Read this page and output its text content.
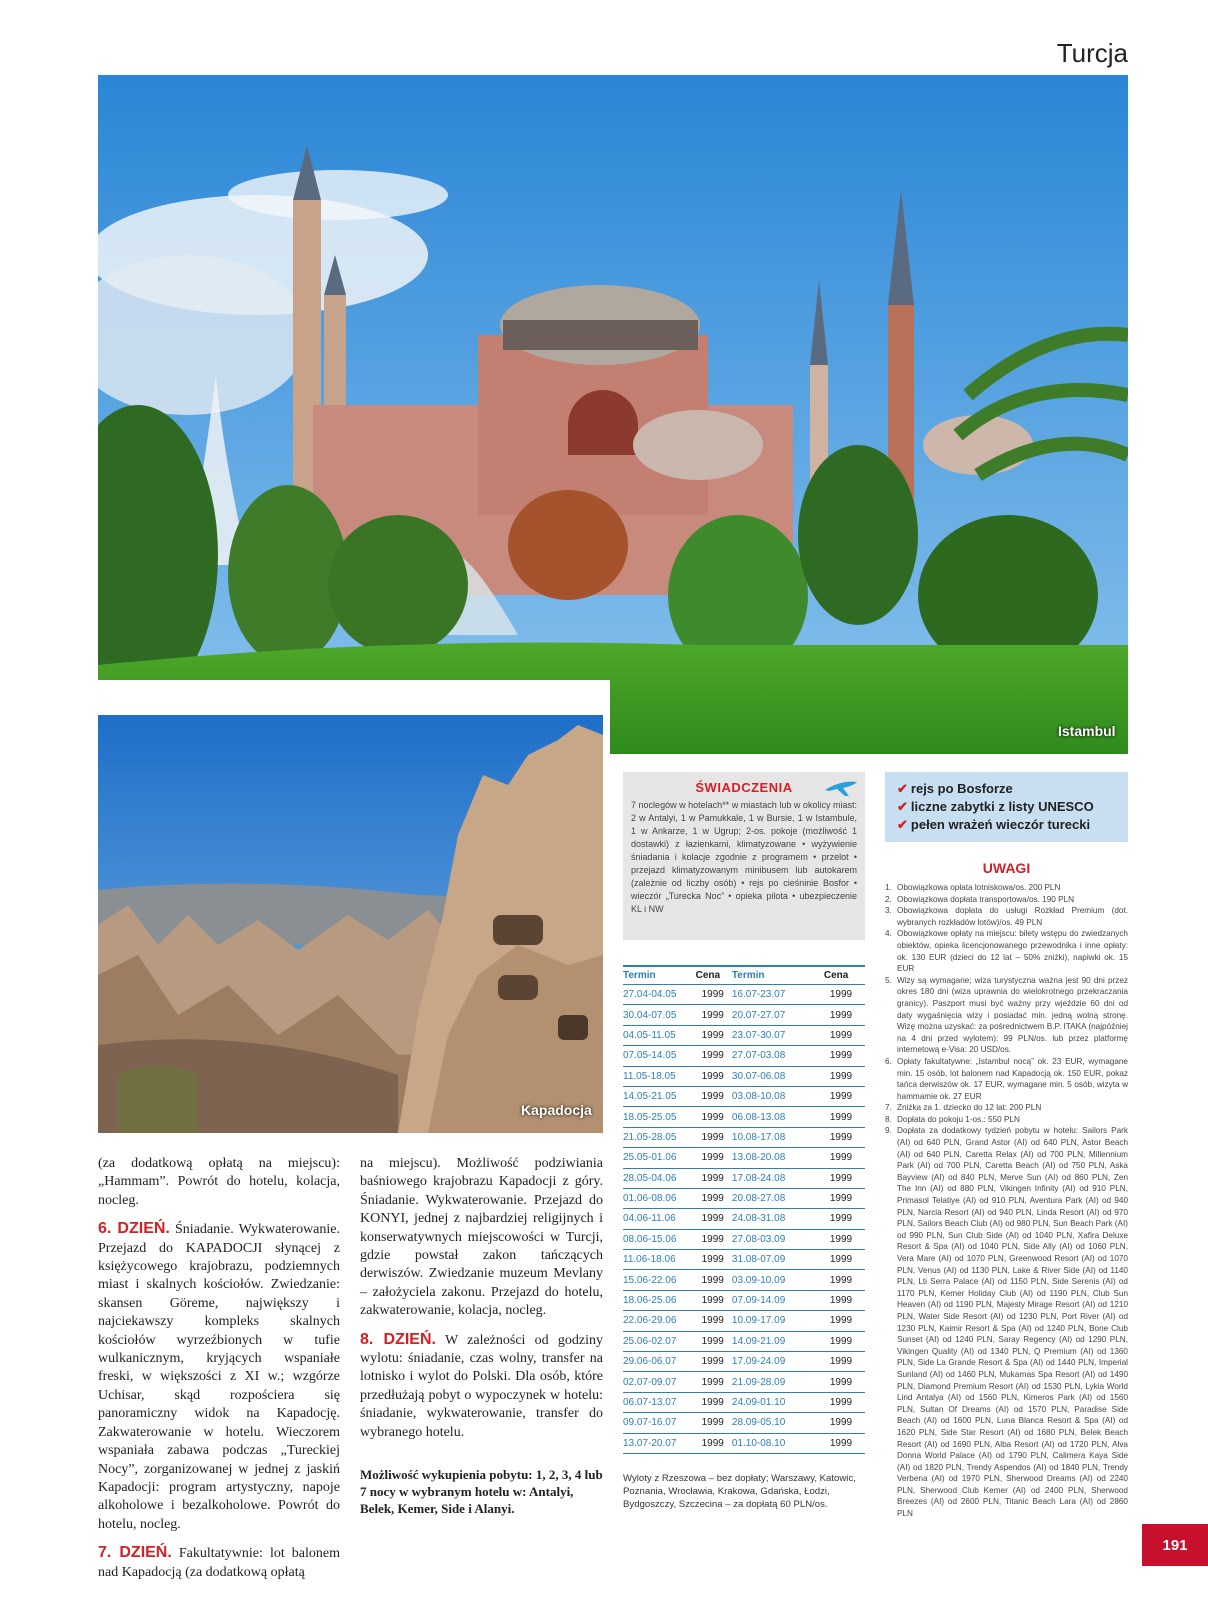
Turcja
Istambul
Kapadocja

(za dodatkową opłatą na miejscu): „Hammam”. Powrót do hotelu, kolacja, nocleg.

6. DZIEŃ. Śniadanie. Wykwaterowanie. Przejazd do KAPADOCJI słynącej z księżycowego krajobrazu, podziemnych miast i skalnych kościołów. Zwiedzanie: skansen Göreme, największy i najciekawszy kompleks skalnych kościołów wyrzeźbionych w tufie wulkanicznym, kryjących wspaniałe freski, w większości z XI w.; wzgórze Uchisar, skąd rozpościera się panoramiczny widok na Kapadocję. Zakwaterowanie w hotelu. Wieczorem wspaniała zabawa podczas „Tureckiej Nocy”, zorganizowanej w jednej z jaskiń Kapadocji: program artystyczny, napoje alkoholowe i bezalkoholowe. Powrót do hotelu, nocleg.

7. DZIEŃ. Fakultatywnie: lot balonem nad Kapadocją (za dodatkową opłatą

na miejscu). Możliwość podziwiania baśniowego krajobrazu Kapadocji z góry. Śniadanie. Wykwaterowanie. Przejazd do KONYI, jednej z najbardziej religijnych i konserwatywnych miejscowości w Turcji, gdzie powstał zakon tańczących derwiszów. Zwiedzanie muzeum Mevlany – założyciela zakonu. Przejazd do hotelu, zakwaterowanie, kolacja, nocleg.

8. DZIEŃ. W zależności od godziny wylotu: śniadanie, czas wolny, transfer na lotnisko i wylot do Polski. Dla osób, które przedłużają pobyt o wypoczynek w hotelu: śniadanie, wykwaterowanie, transfer do wybranego hotelu.

Możliwość wykupienia pobytu: 1, 2, 3, 4 lub 7 nocy w wybranym hotelu w: Antalyi, Belek, Kemer, Side i Alanyi.
ŚWIADCZENIA
7 noclegów w hotelach** w miastach lub w okolicy miast: 2 w Antalyi, 1 w Pamukkale, 1 w Bursie, 1 w Istambule, 1 w Ankarze, 1 w Ugrup; 2-os. pokoje (możliwość 1 dostawki) z łazienkami, klimatyzowane • wyżywienie śniadania i kolacje zgodnie z programem • przelot • przejazd klimatyzowanym minibusem lub autokarem (zależnie od liczby osób) • rejs po cieśninie Bosfor • wieczór „Turecka Noc” • opieka pilota • ubezpieczenie KL i NW
✔ rejs po Bosforze
✔ liczne zabytki z listy UNESCO
✔ pełen wrażeń wieczór turecki
UWAGI
1. Obowiązkowa opłata lotniskowa/os. 200 PLN
2. Obowiązkowa dopłata transportowa/os. 190 PLN
3. Obowiązkowa dopłata do usługi Rozkład Premium (dot. wybranych rozkładów lotów)/os. 49 PLN
4. Obowiązkowe opłaty na miejscu: bilety wstępu do zwiedzanych obiektów, opieka licencjonowanego przewodnika i inne opłaty: ok. 130 EUR (dzieci do 12 lat – 50% zniżki), napiwki ok. 15 EUR
5. Wizy są wymagane; wiza turystyczna ważna jest 90 dni przez okres 180 dni (wiza uprawnia do wielokrotnego przekraczania granicy). Paszport musi być ważny przy wjeździe 60 dni od daty wygaśnięcia wizy i posiadać min. jedną wolną stronę. Wizę można uzyskać: za pośrednictwem B.P. ITAKA (najpóźniej na 4 dni przed wylotem): 99 PLN/os. lub przez platformę internetową e-Visa: 20 USD/os.
6. Opłaty fakultatywne: „Istambul nocą” ok. 23 EUR, wymagane min. 15 osób, lot balonem nad Kapadocją ok. 150 EUR, pokaz tańca derwiszów ok. 17 EUR, wymagane min. 5 osób, wizyta w hammamie ok. 27 EUR
7. Zniżka za 1. dziecko do 12 lat: 200 PLN
8. Dopłata do pokoju 1-os.: 550 PLN
9. Dopłata za dodatkowy tydzień pobytu w hotelu: Sailors Park (AI) od 640 PLN, Grand Astor (AI) od 640 PLN, Astor Beach (AI) od 640 PLN, Caretta Relax (AI) od 700 PLN, Millennium Park (AI) od 700 PLN, Caretta Beach (AI) od 750 PLN, Aska Bayview (AI) od 840 PLN, Merve Sun (AI) od 860 PLN, Zen The Inn (AI) od 880 PLN, Vikingen Infinity (AI) od 910 PLN, Primasol Telatiye (AI) od 910 PLN, Aventura Park (AI) od 940 PLN, Narcia Resort (AI) od 940 PLN, Linda Resort (AI) od 970 PLN, Sailors Beach Club (AI) od 980 PLN, Sun Beach Park (AI) od 990 PLN, Sun Club Side (AI) od 1040 PLN, Xafira Deluxe Resort & Spa (AI) od 1040 PLN, Side Ally (AI) od 1060 PLN, Vera Mare (AI) od 1070 PLN, Greenwood Resort (AI) od 1070 PLN, Venus (AI) od 1130 PLN, Lake & River Side (AI) od 1140 PLN, Lti Serra Palace (AI) od 1150 PLN, Side Serenis (AI) od 1170 PLN, Kemer Holiday Club (AI) od 1190 PLN, Club Sun Heaven (AI) od 1190 PLN, Majesty Mirage Resort (AI) od 1210 PLN, Water Side Resort (AI) od 1230 PLN, Port River (AI) od 1230 PLN, Kaimir Resort & Spa (AI) od 1240 PLN, Bone Club Sunset (AI) od 1240 PLN, Saray Regency (AI) od 1290 PLN, Vikingen Quality (AI) od 1340 PLN, Q Premium (AI) od 1360 PLN, Side La Grande Resort & Spa (AI) od 1440 PLN, Imperial Sunland (AI) od 1460 PLN, Mukarnas Spa Resort (AI) od 1490 PLN, Diamond Premium Resort (AI) od 1530 PLN, Lykia World Lind Antalya (AI) od 1560 PLN, Kimeros Park (AI) od 1560 PLN, Sultan Of Dreams (AI) od 1570 PLN, Paradise Side Beach (AI) od 1600 PLN, Luna Blanca Resort & Spa (AI) od 1620 PLN, Side Star Resort (AI) od 1680 PLN, Belek Beach Resort (AI) od 1690 PLN, Alba Resort (AI) od 1720 PLN, Alva Donna World Palace (AI) od 1790 PLN, Calimera Kaya Side (AI) od 1820 PLN, Trendy Aspendos (AI) od 1840 PLN, Trendy Verbena (AI) od 1970 PLN, Sherwood Dreams (AI) od 2240 PLN, Sherwood Club Kemer (AI) od 2400 PLN, Sherwood Breezes (AI) od 2600 PLN, Titanic Beach Lara (AI) od 2860 PLN
Termin	Cena	Termin	Cena
27.04-04.05	1999	16.07-23.07	1999
30.04-07.05	1999	20.07-27.07	1999
04.05-11.05	1999	23.07-30.07	1999
07.05-14.05	1999	27.07-03.08	1999
11.05-18.05	1999	30.07-06.08	1999
14.05-21.05	1999	03.08-10.08	1999
18.05-25.05	1999	06.08-13.08	1999
21.05-28.05	1999	10.08-17.08	1999
25.05-01.06	1999	13.08-20.08	1999
28.05-04.06	1999	17.08-24.08	1999
01.06-08.06	1999	20.08-27.08	1999
04.06-11.06	1999	24.08-31.08	1999
08.06-15.06	1999	27.08-03.09	1999
11.06-18.06	1999	31.08-07.09	1999
15.06-22.06	1999	03.09-10.09	1999
18.06-25.06	1999	07.09-14.09	1999
22.06-29.06	1999	10.09-17.09	1999
25.06-02.07	1999	14.09-21.09	1999
29.06-06.07	1999	17.09-24.09	1999
02.07-09.07	1999	21.09-28.09	1999
06.07-13.07	1999	24.09-01.10	1999
09.07-16.07	1999	28.09-05.10	1999
13.07-20.07	1999	01.10-08.10	1999
Wyloty z Rzeszowa – bez dopłaty; Warszawy, Katowic, Poznania, Wrocławia, Krakowa, Gdańska, Łodzi, Bydgoszczy, Szczecina – za dopłatą 60 PLN/os.
191
